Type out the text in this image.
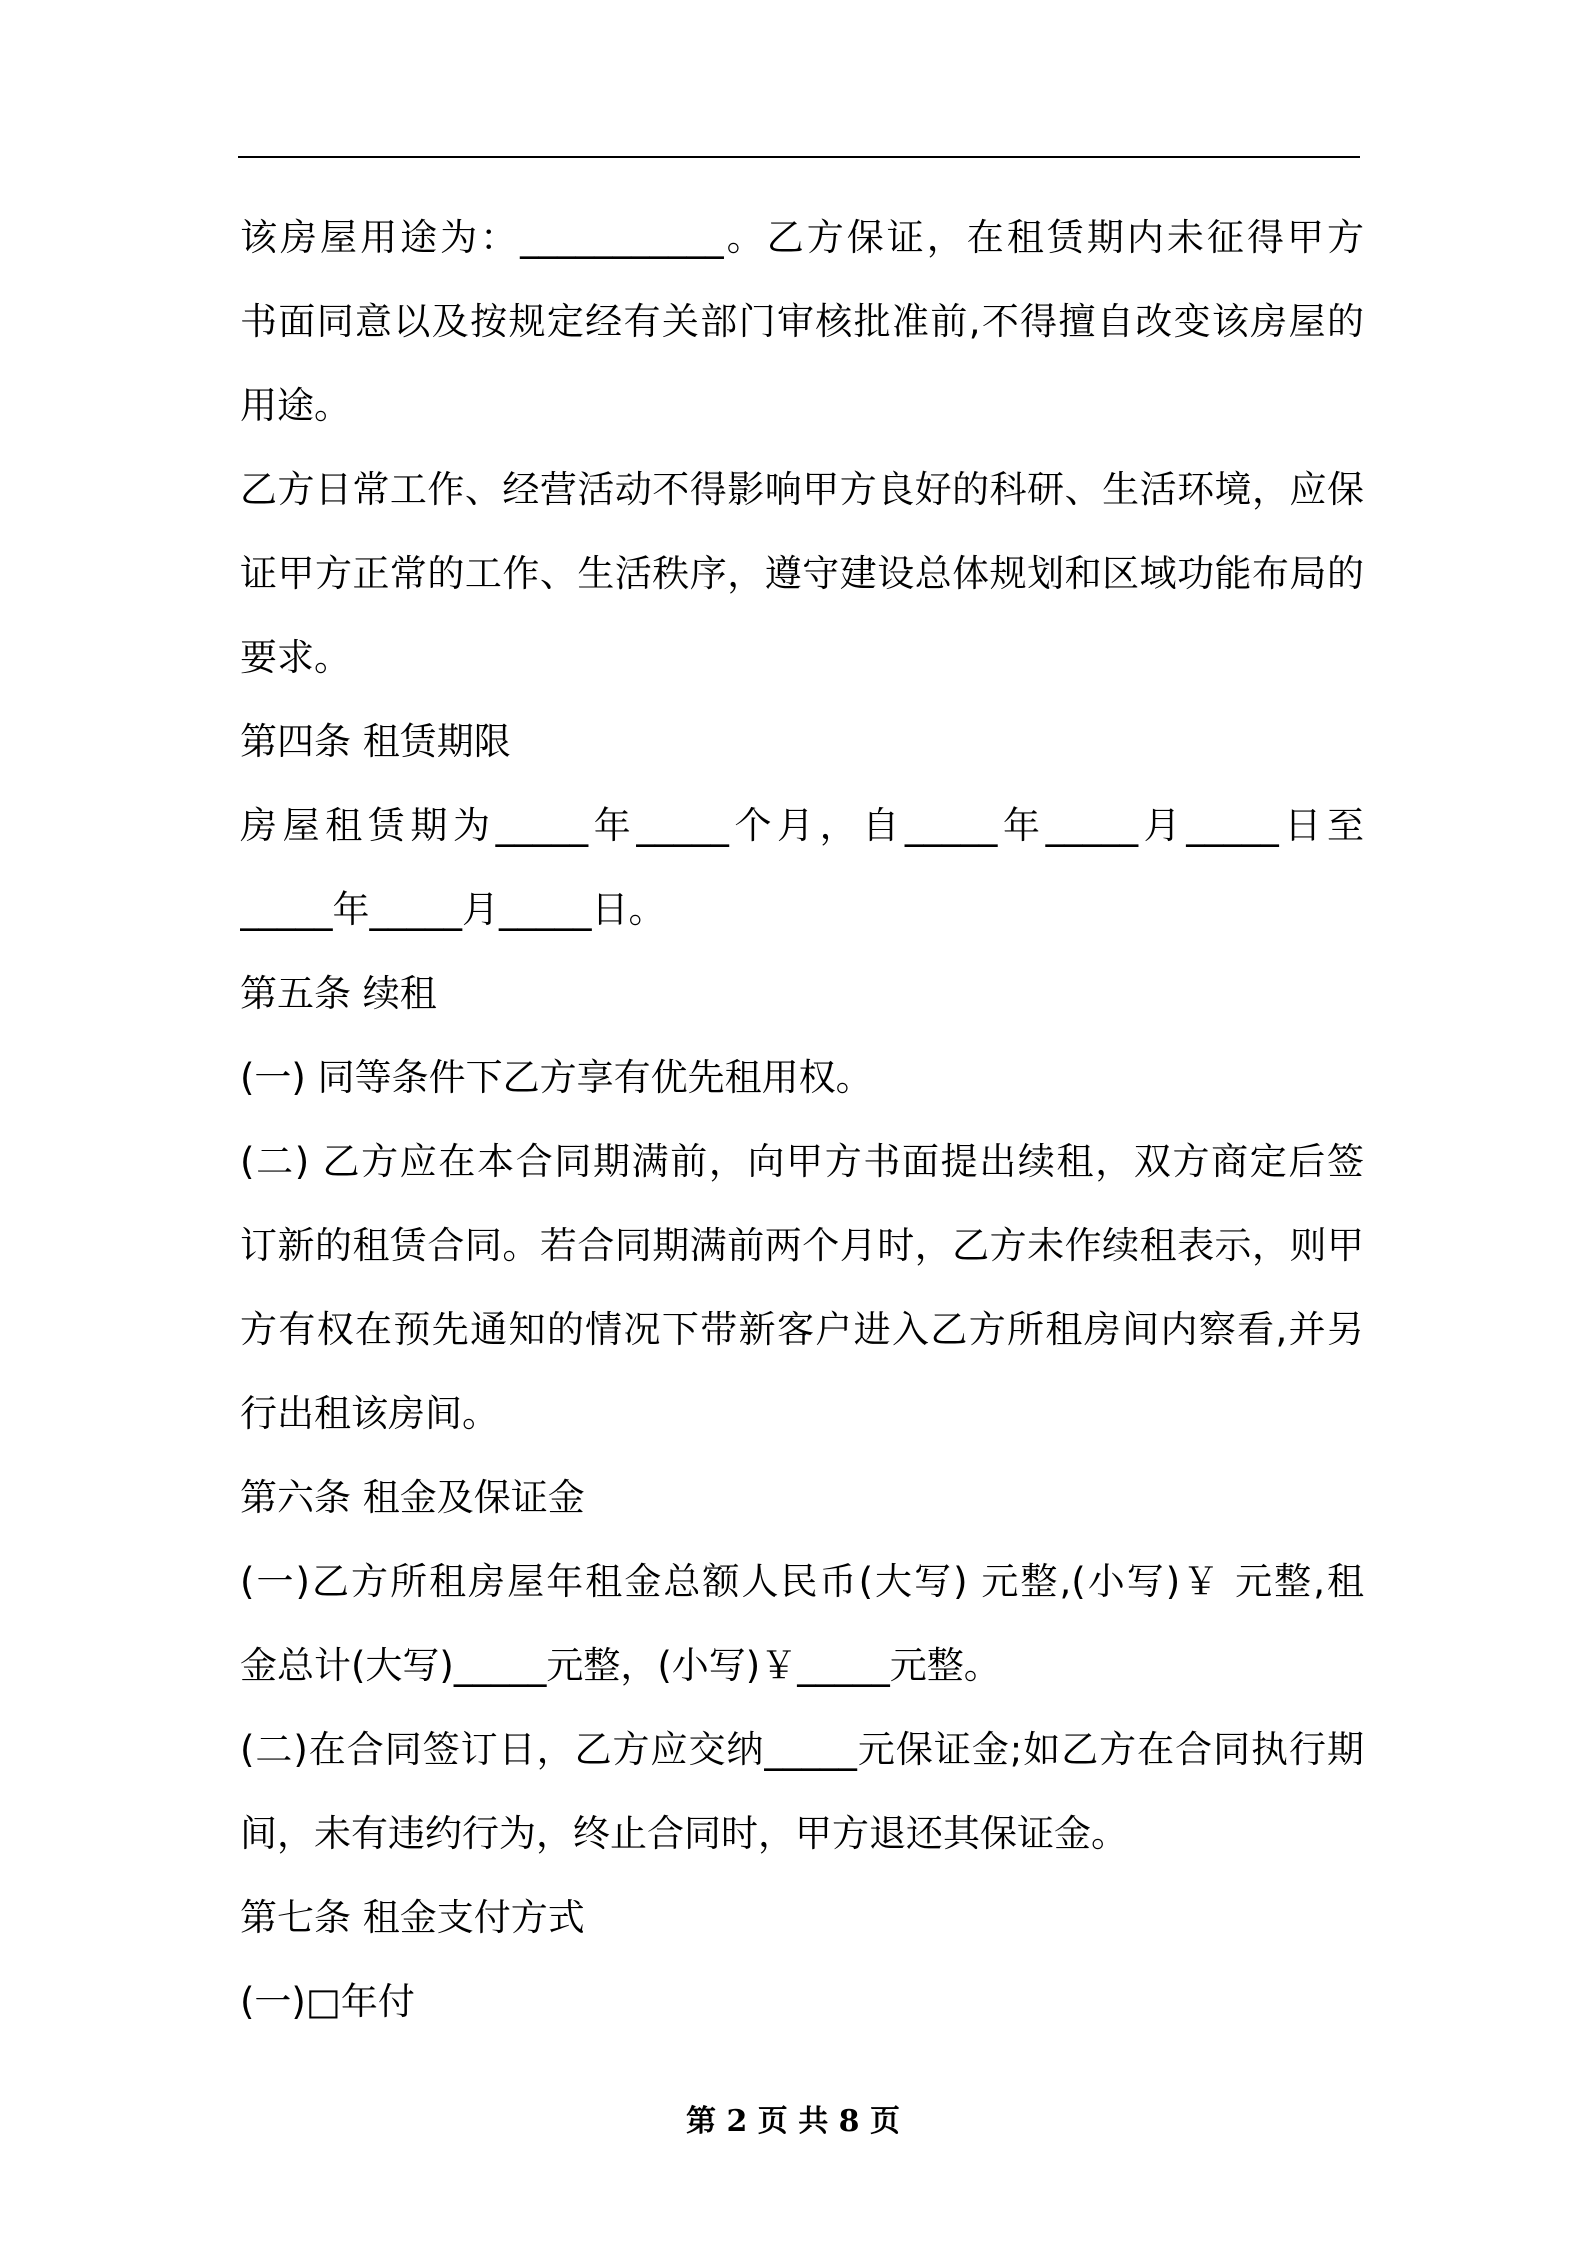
该房屋用途为：___________。乙方保证，在租赁期内未征得甲方
书面同意以及按规定经有关部门审核批准前,不得擅自改变该房屋的
用途。
乙方日常工作、经营活动不得影响甲方良好的科研、生活环境，应保
证甲方正常的工作、生活秩序，遵守建设总体规划和区域功能布局的
要求。
第四条 租赁期限
房屋租赁期为_____年_____个月，自_____年_____月_____日至
_____年_____月_____日。
第五条 续租
(一) 同等条件下乙方享有优先租用权。
(二) 乙方应在本合同期满前，向甲方书面提出续租，双方商定后签
订新的租赁合同。若合同期满前两个月时，乙方未作续租表示，则甲
方有权在预先通知的情况下带新客户进入乙方所租房间内察看,并另
行出租该房间。
第六条 租金及保证金
(一)乙方所租房屋年租金总额人民币(大写) 元整,(小写)￥ 元整,租
金总计(大写)_____元整，(小写)￥_____元整。
(二)在合同签订日，乙方应交纳_____元保证金;如乙方在合同执行期
间，未有违约行为，终止合同时，甲方退还其保证金。
第七条 租金支付方式
(一)□年付
第 2 页 共 8 页
